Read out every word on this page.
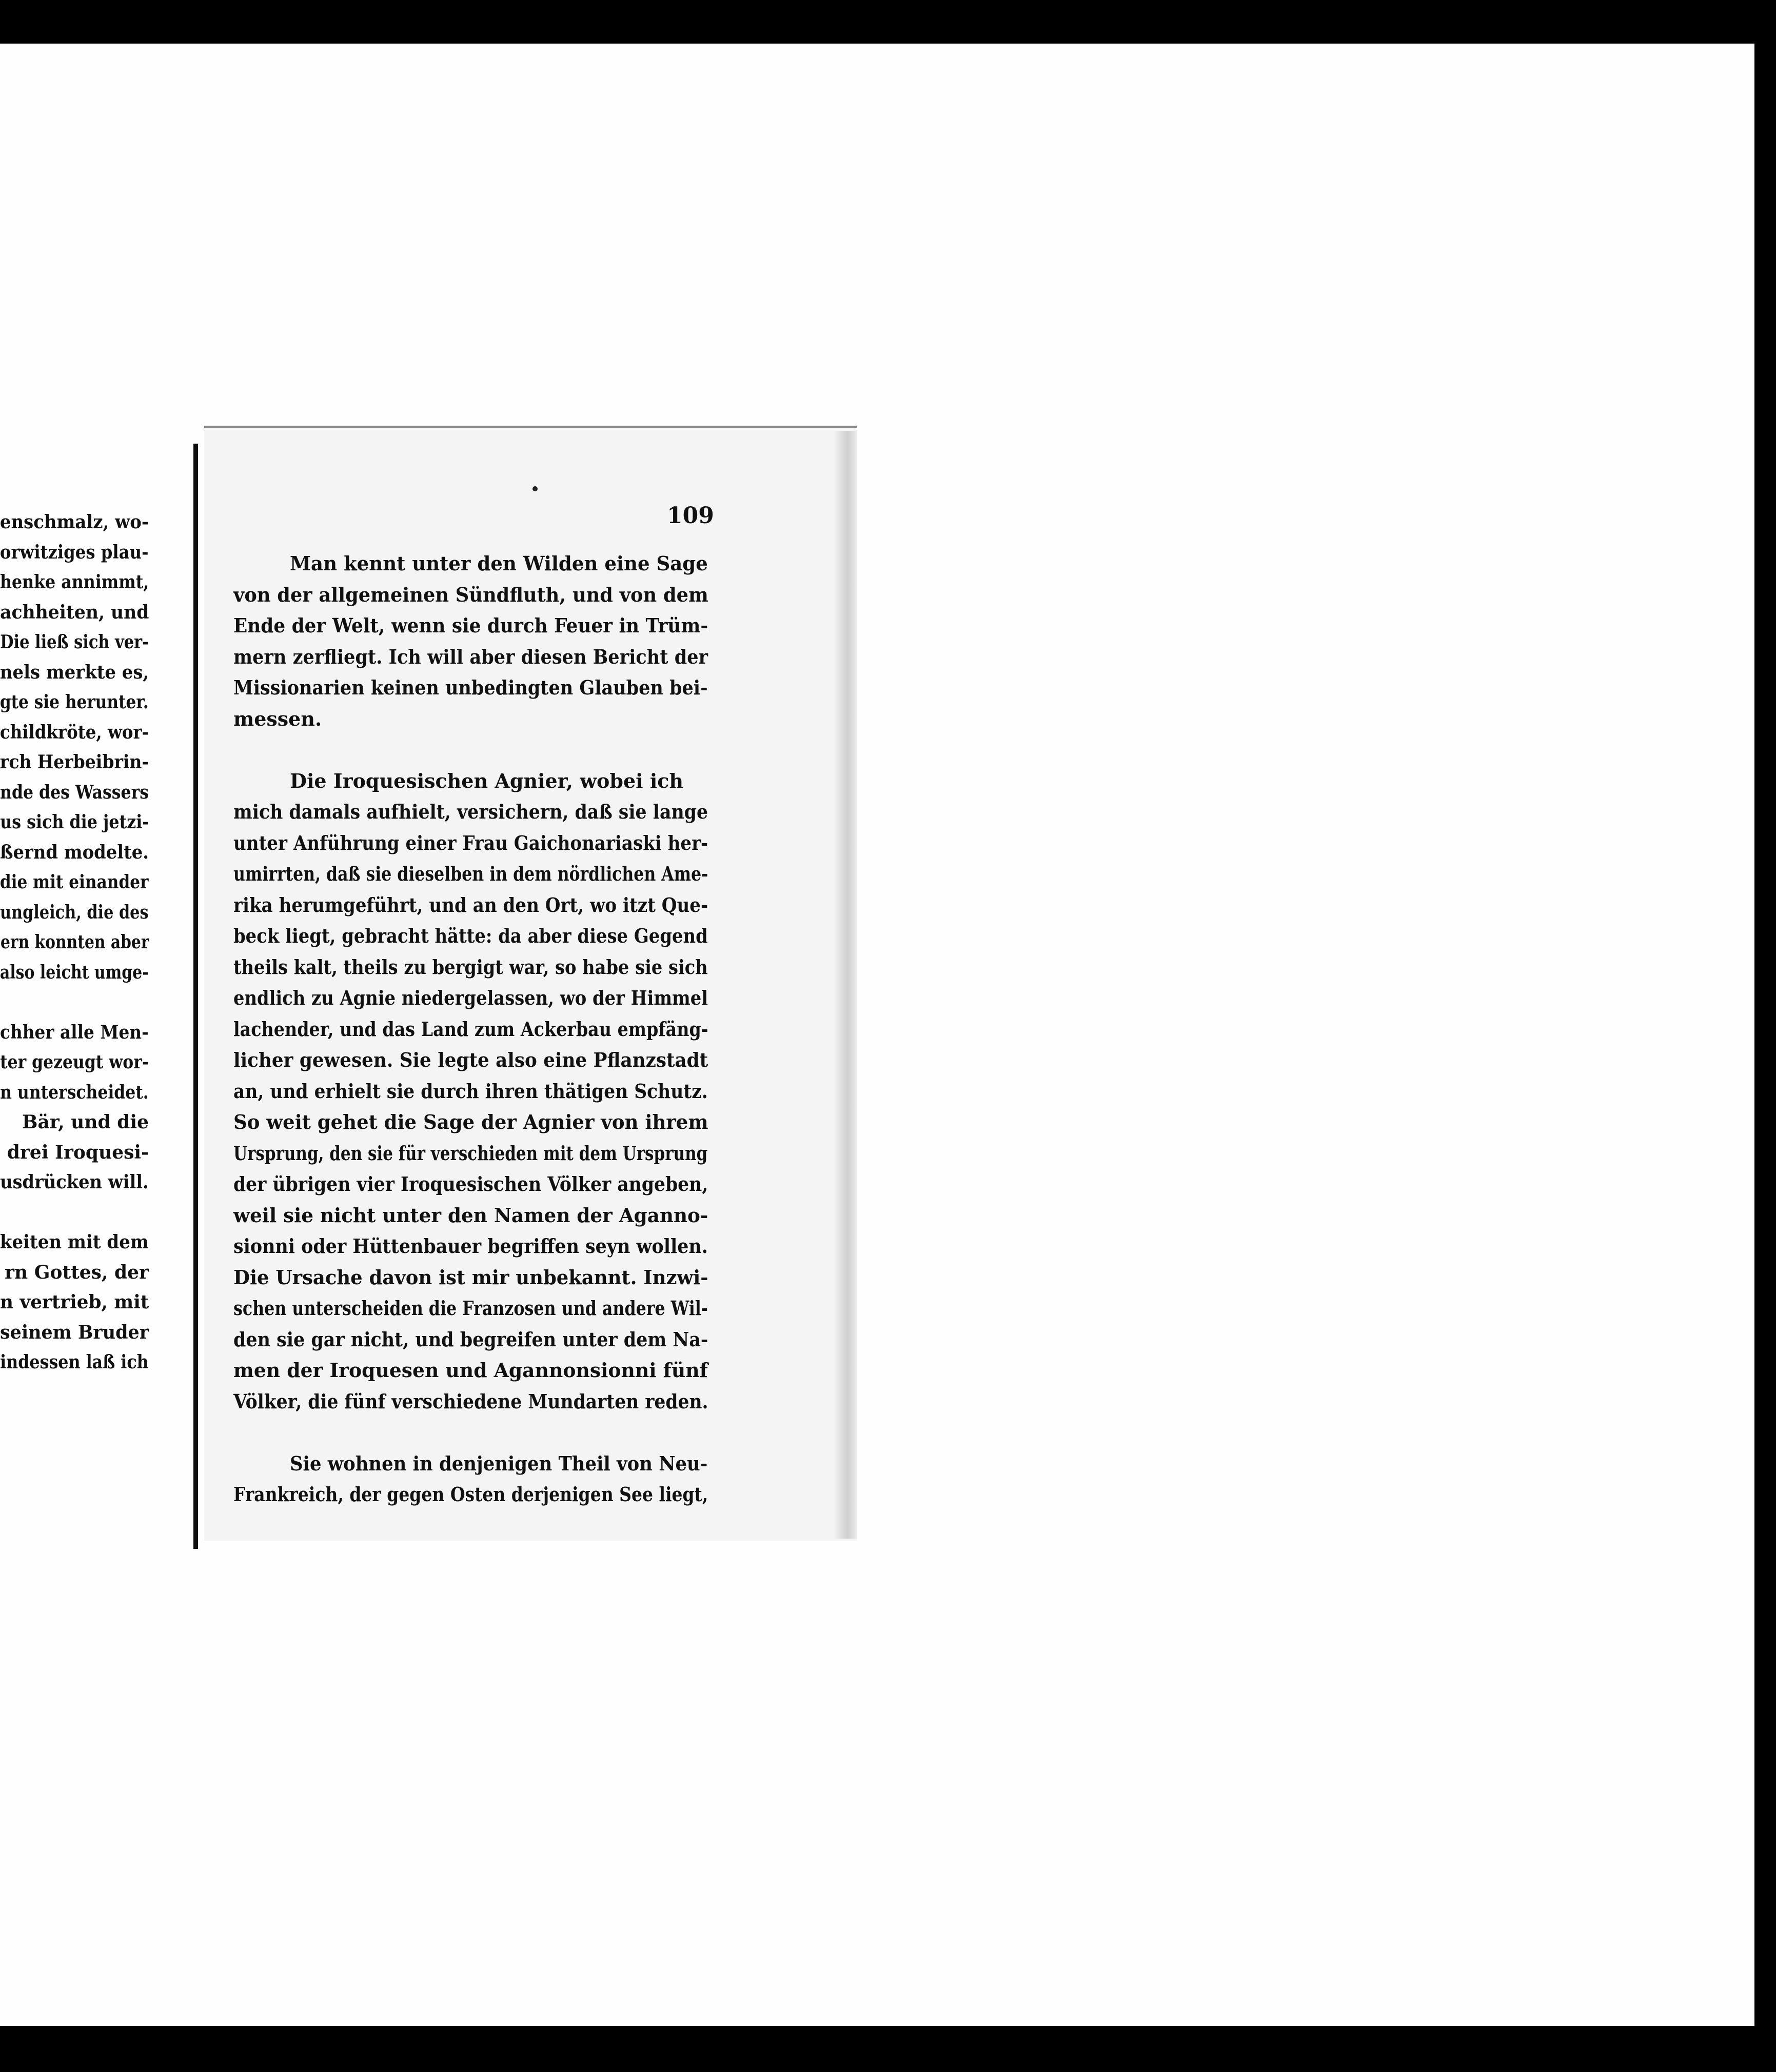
enschmalz, wo-
orwitziges plau-
henke annimmt,
achheiten, und
Die ließ sich ver-
nels merkte es,
gte sie herunter.
childkröte, wor-
rch Herbeibrin-
nde des Wassers
us sich die jetzi-
ßernd modelte.
die mit einander
ungleich, die des
ern konnten aber
also leicht umge-
chher alle Men-
ter gezeugt wor-
n unterscheidet.
Bär, und die
drei Iroquesi-
usdrücken will.
keiten mit dem
rn Gottes, der
n vertrieb, mit
seinem Bruder
indessen laß ich
109
Man kennt unter den Wilden eine Sage
von der allgemeinen Sündfluth, und von dem
Ende der Welt, wenn sie durch Feuer in Trüm-
mern zerfliegt. Ich will aber diesen Bericht der
Missionarien keinen unbedingten Glauben bei-
messen.
Die Iroquesischen Agnier, wobei ich
mich damals aufhielt, versichern, daß sie lange
unter Anführung einer Frau Gaichonariaski her-
umirrten, daß sie dieselben in dem nördlichen Ame-
rika herumgeführt, und an den Ort, wo itzt Que-
beck liegt, gebracht hätte: da aber diese Gegend
theils kalt, theils zu bergigt war, so habe sie sich
endlich zu Agnie niedergelassen, wo der Himmel
lachender, und das Land zum Ackerbau empfäng-
licher gewesen. Sie legte also eine Pflanzstadt
an, und erhielt sie durch ihren thätigen Schutz.
So weit gehet die Sage der Agnier von ihrem
Ursprung, den sie für verschieden mit dem Ursprung
der übrigen vier Iroquesischen Völker angeben,
weil sie nicht unter den Namen der Aganno-
sionni oder Hüttenbauer begriffen seyn wollen.
Die Ursache davon ist mir unbekannt. Inzwi-
schen unterscheiden die Franzosen und andere Wil-
den sie gar nicht, und begreifen unter dem Na-
men der Iroquesen und Agannonsionni fünf
Völker, die fünf verschiedene Mundarten reden.
Sie wohnen in denjenigen Theil von Neu-
Frankreich, der gegen Osten derjenigen See liegt,
